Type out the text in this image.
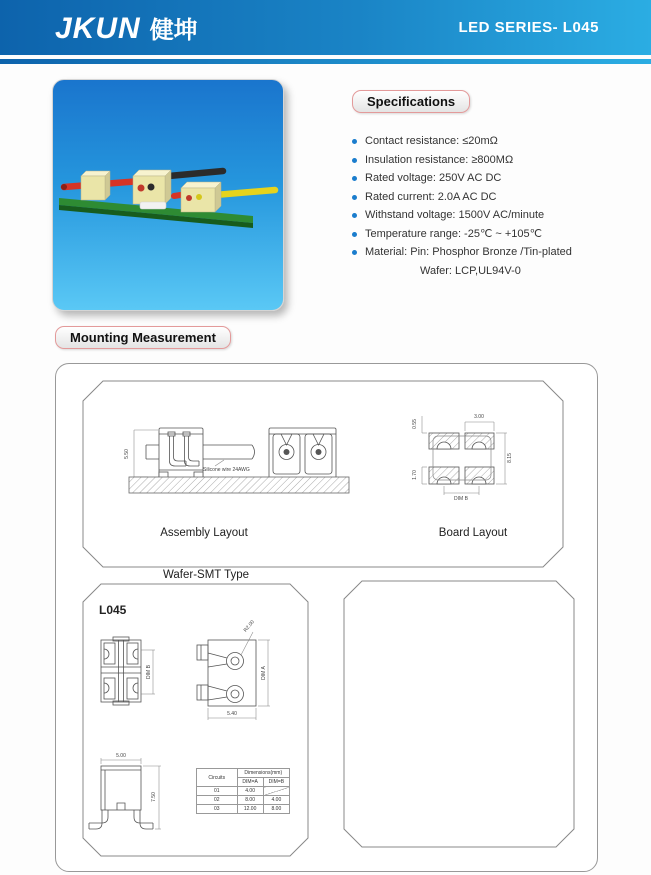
JKUN 健坤	LED SERIES- L045
Specifications
Contact resistance: ≤20mΩ
Insulation resistance: ≥800MΩ
Rated voltage: 250V AC DC
Rated current: 2.0A AC DC
Withstand voltage: 1500V AC/minute
Temperature range: -25℃ ~ +105℃
Material: Pin: Phosphor Bronze /Tin-plated
Wafer: LCP,UL94V-0
Mounting Measurement
5.50
Silicone wire 24AWG
Assembly Layout
0.55
3.00
8.15
1.70
DIM B
Board Layout
Wafer-SMT Type
L045
DIM B
R2.00
DIM A
5.40
5.00
7.50
Circuits	Dimensions(mm)	
	DIM=A	DIM=B
01	4.00	
02	8.00	4.00
03	12.00	8.00
